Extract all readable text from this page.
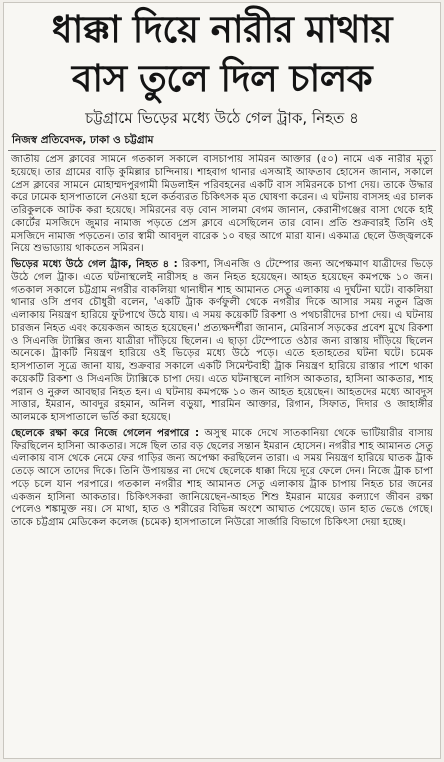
ধাক্কা দিয়ে নারীর মাথায়
বাস তুলে দিল চালক
চট্টগ্রামে ভিড়ের মধ্যে উঠে গেল ট্রাক, নিহত ৪
নিজস্ব প্রতিবেদক, ঢাকা ও চট্টগ্রাম

জাতীয় প্রেস ক্লাবের সামনে গতকাল সকালে বাসচাপায় সমিরন আক্তার (৫০) নামে এক নারীর মৃত্যু হয়েছে। তার গ্রামের বাড়ি কুমিল্লার চান্দিনায়। শাহবাগ থানার এসআই আফতাব হোসেন জানান, সকালে প্রেস ক্লাবের সামনে মোহাম্মদপুরগামী মিডলাইন পরিবহনের একটি বাস সমিরনকে চাপা দেয়। তাকে উদ্ধার করে ঢামেক হাসপাতালে নেওয়া হলে কর্তব্যরত চিকিৎসক মৃত ঘোষণা করেন। এ ঘটনায় বাসসহ এর চালক তরিকুলকে আটক করা হয়েছে। সমিরনের বড় বোন সালমা বেগম জানান, কেরানীগঞ্জের বাসা থেকে হাই কোর্টের মসজিদে জুমার নামাজ পড়তে প্রেস ক্লাবে এসেছিলেন তার বোন। প্রতি শুক্রবারই তিনি ওই মসজিদে নামাজ পড়তেন। তার স্বামী আবদুল বারেক ১০ বছর আগে মারা যান। একমাত্র ছেলে উজ্জ্বলকে নিয়ে শুভাড্যায় থাকতেন সমিরন।

ভিড়ের মধ্যে উঠে গেল ট্রাক, নিহত ৪ : রিকশা, সিএনজি ও টেম্পোর জন্য অপেক্ষমাণ যাত্রীদের ভিড়ে উঠে গেল ট্রাক। এতে ঘটনাস্থলেই নারীসহ ৪ জন নিহত হয়েছেন। আহত হয়েছেন কমপক্ষে ১০ জন। গতকাল সকালে চট্টগ্রাম নগরীর বাকলিয়া থানাধীন শাহ আমানত সেতু এলাকায় এ দুর্ঘটনা ঘটে। বাকলিয়া থানার ওসি প্রণব চৌধুরী বলেন, 'একটি ট্রাক কর্ণফুলী থেকে নগরীর দিকে আসার সময় নতুন ব্রিজ এলাকায় নিয়ন্ত্রণ হারিয়ে ফুটপাথে উঠে যায়। এ সময় কয়েকটি রিকশা ও পথচারীদের চাপা দেয়। এ ঘটনায় চারজন নিহত এবং কয়েকজন আহত হয়েছেন।' প্রত্যক্ষদর্শীরা জানান, মেরিনার্স সড়কের প্রবেশ মুখে রিকশা ও সিএনজি ট্যাক্সির জন্য যাত্রীরা দাঁড়িয়ে ছিলেন। এ ছাড়া টেম্পোতে ওঠার জন্য রাস্তায় দাঁড়িয়ে ছিলেন অনেকে। ট্রাকটি নিয়ন্ত্রণ হারিয়ে ওই ভিড়ের মধ্যে উঠে পড়ে। এতে হতাহতের ঘটনা ঘটে। চমেক হাসপাতাল সূত্রে জানা যায়, শুক্রবার সকালে একটি সিমেন্টবাহী ট্রাক নিয়ন্ত্রণ হারিয়ে রাস্তার পাশে থাকা কয়েকটি রিকশা ও সিএনজি ট্যাক্সিকে চাপা দেয়। এতে ঘটনাস্থলে নাগিস আকতার, হাসিনা আকতার, শাহ পরান ও নুরুল আবছার নিহত হন। এ ঘটনায় কমপক্ষে ১০ জন আহত হয়েছেন। আহতদের মধ্যে আবদুস সাত্তার, ইমরান, আবদুর রহমান, অনিল বড়ুয়া, শারমিন আক্তার, রিগান, সিফাত, দিদার ও জাহাঙ্গীর আলমকে হাসপাতালে ভর্তি করা হয়েছে।

ছেলেকে রক্ষা করে নিজে গেলেন পরপারে : অসুস্থ মাকে দেখে সাতকানিয়া থেকে ভাটিয়ারীর বাসায় ফিরছিলেন হাসিনা আকতার। সঙ্গে ছিল তার বড় ছেলের সন্তান ইমরান হোসেন। নগরীর শাহ আমানত সেতু এলাকায় বাস থেকে নেমে ফের গাড়ির জন্য অপেক্ষা করছিলেন তারা। এ সময় নিয়ন্ত্রণ হারিয়ে ঘাতক ট্রাক তেড়ে আসে তাদের দিকে। তিনি উপায়ন্তর না দেখে ছেলেকে ধাক্কা দিয়ে দূরে ফেলে দেন। নিজে ট্রাক চাপা পড়ে চলে যান পরপারে। গতকাল নগরীর শাহ আমানত সেতু এলাকায় ট্রাক চাপায় নিহত চার জনের একজন হাসিনা আকতার। চিকিৎসকরা জানিয়েছেন-আহত শিশু ইমরান মায়ের কল্যাণে জীবন রক্ষা পেলেও শঙ্কামুক্ত নয়। সে মাথা, হাত ও শরীরের বিভিন্ন অংশে আঘাত পেয়েছে। ডান হাত ভেঙে গেছে। তাকে চট্টগ্রাম মেডিকেল কলেজ (চমেক) হাসপাতালে নিউরো সার্জারি বিভাগে চিকিৎসা দেয়া হচ্ছে।
